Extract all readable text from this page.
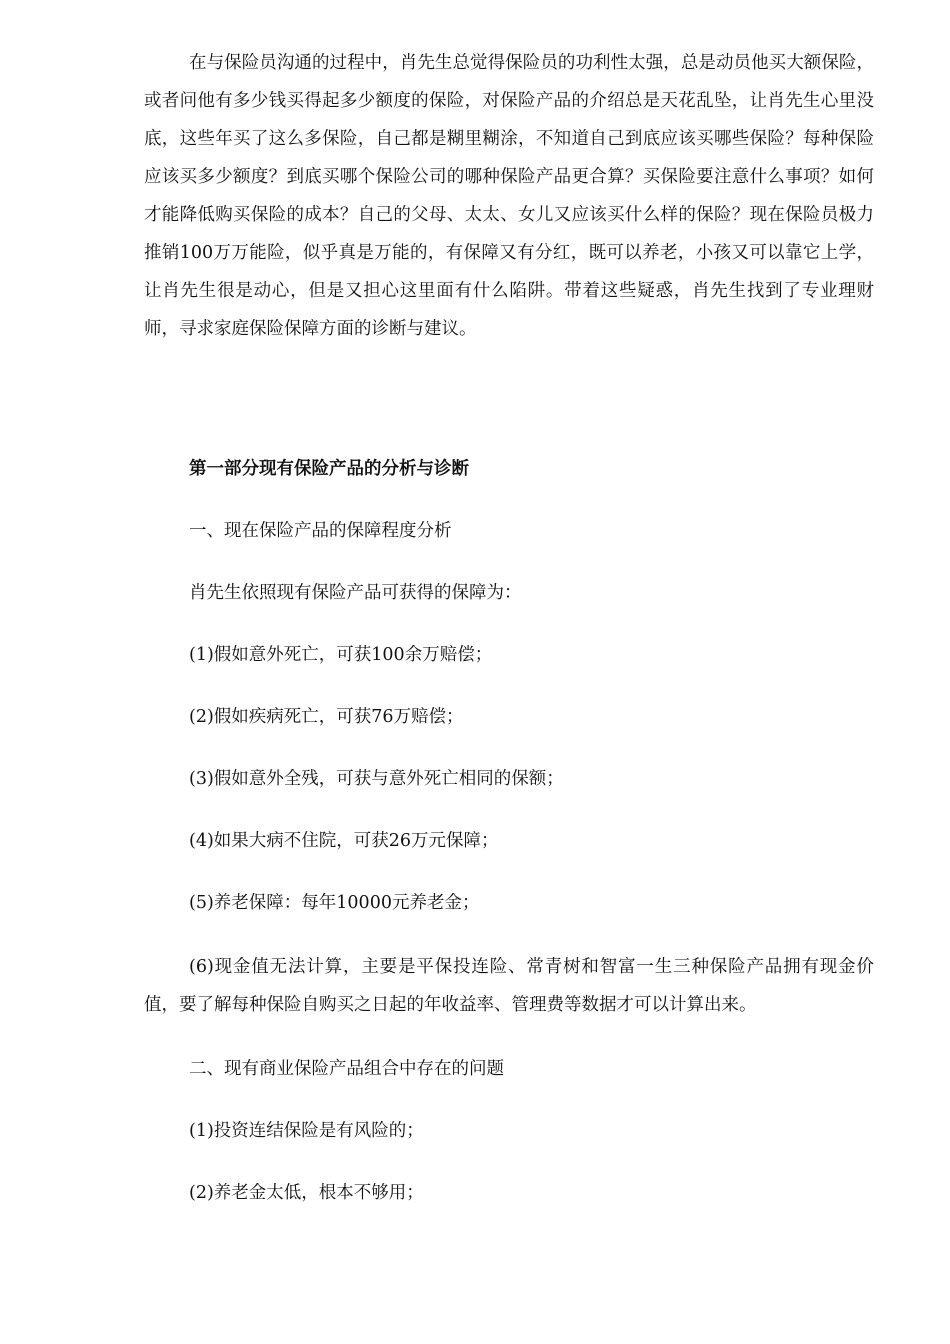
在与保险员沟通的过程中，肖先生总觉得保险员的功利性太强，总是动员他买大额保险，或者问他有多少钱买得起多少额度的保险，对保险产品的介绍总是天花乱坠，让肖先生心里没底，这些年买了这么多保险，自己都是糊里糊涂，不知道自己到底应该买哪些保险？每种保险应该买多少额度？到底买哪个保险公司的哪种保险产品更合算？买保险要注意什么事项？如何才能降低购买保险的成本？自己的父母、太太、女儿又应该买什么样的保险？现在保险员极力推销100万万能险，似乎真是万能的，有保障又有分红，既可以养老，小孩又可以靠它上学，让肖先生很是动心，但是又担心这里面有什么陷阱。带着这些疑惑，肖先生找到了专业理财师，寻求家庭保险保障方面的诊断与建议。

第一部分现有保险产品的分析与诊断

一、现在保险产品的保障程度分析

肖先生依照现有保险产品可获得的保障为：

(1)假如意外死亡，可获100余万赔偿；

(2)假如疾病死亡，可获76万赔偿；

(3)假如意外全残，可获与意外死亡相同的保额；

(4)如果大病不住院，可获26万元保障；

(5)养老保障：每年10000元养老金；

(6)现金值无法计算，主要是平保投连险、常青树和智富一生三种保险产品拥有现金价值，要了解每种保险自购买之日起的年收益率、管理费等数据才可以计算出来。

二、现有商业保险产品组合中存在的问题

(1)投资连结保险是有风险的；

(2)养老金太低，根本不够用；
